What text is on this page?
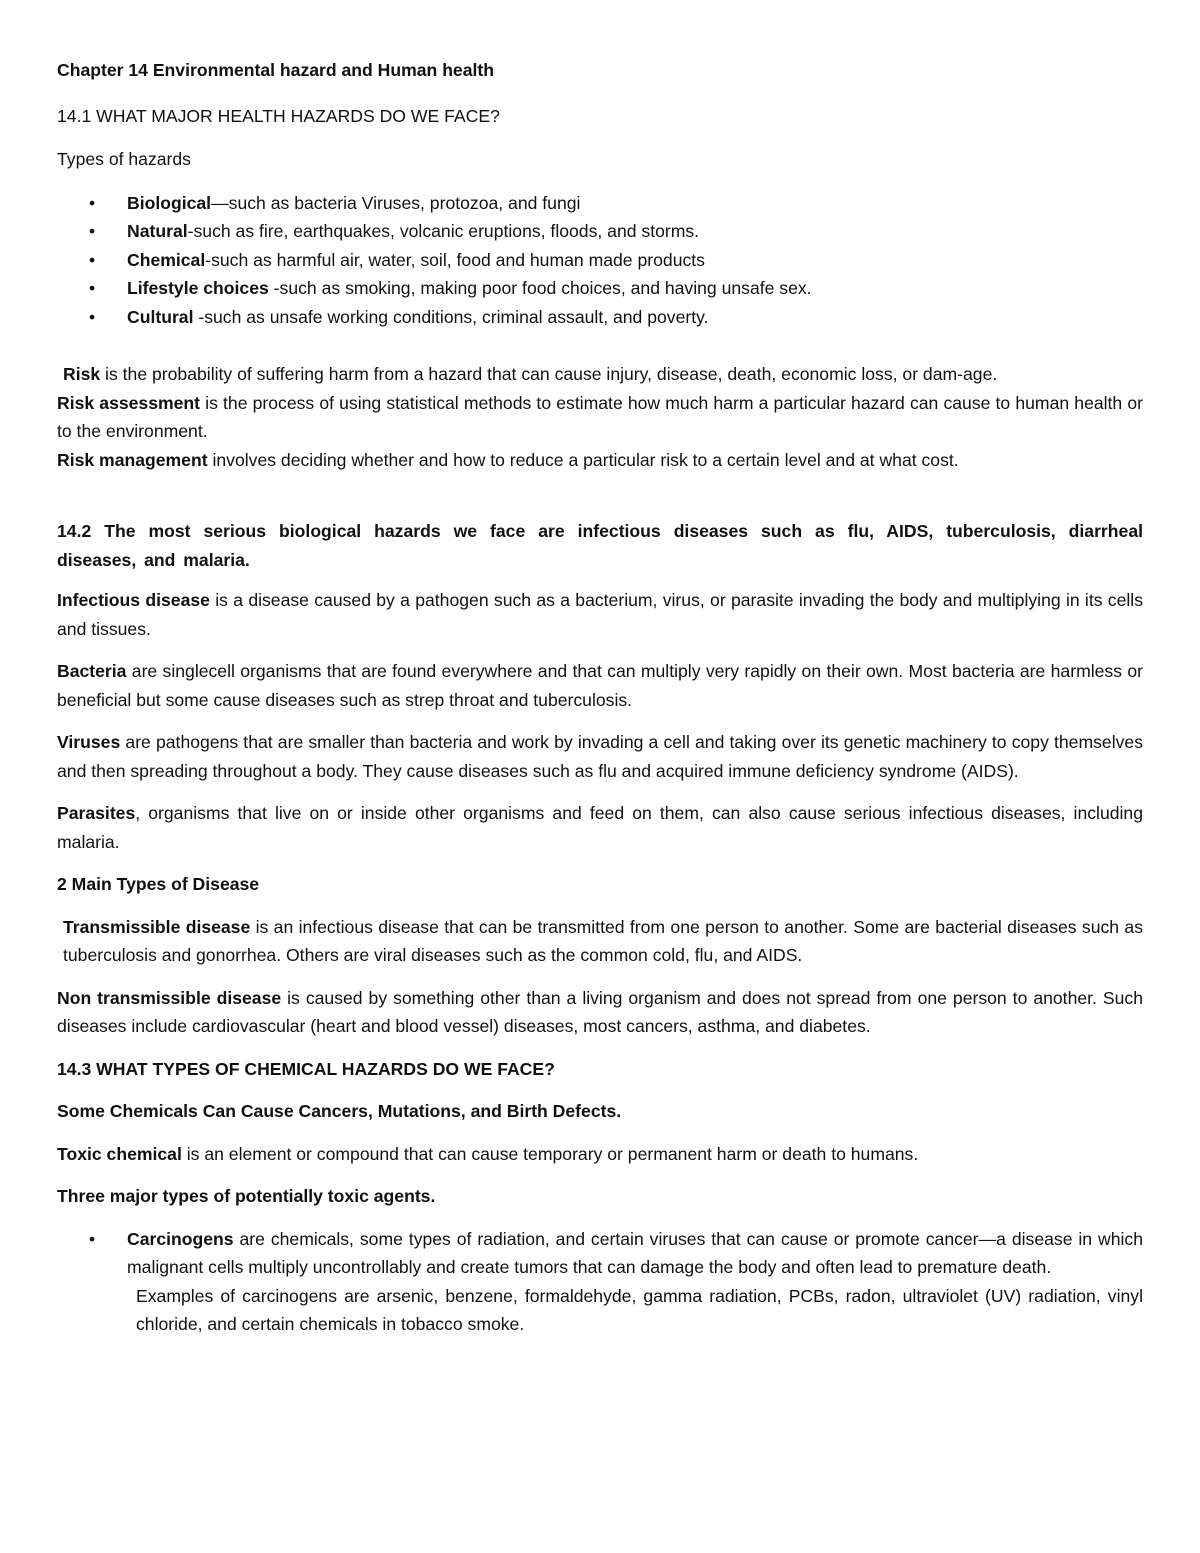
Chapter 14 Environmental hazard and Human health

14.1 WHAT MAJOR HEALTH HAZARDS DO WE FACE?

Types of hazards

• Biological—such as bacteria Viruses, protozoa, and fungi
• Natural-such as fire, earthquakes, volcanic eruptions, floods, and storms.
• Chemical-such as harmful air, water, soil, food and human made products
• Lifestyle choices -such as smoking, making poor food choices, and having unsafe sex.
• Cultural -such as unsafe working conditions, criminal assault, and poverty.

Risk is the probability of suffering harm from a hazard that can cause injury, disease, death, economic loss, or dam-age.

Risk assessment is the process of using statistical methods to estimate how much harm a particular hazard can cause to human health or to the environment.

Risk management involves deciding whether and how to reduce a particular risk to a certain level and at what cost.

14.2 The most serious biological hazards we face are infectious diseases such as flu, AIDS, tuberculosis, diarrheal diseases, and malaria.

Infectious disease is a disease caused by a pathogen such as a bacterium, virus, or parasite invading the body and multiplying in its cells and tissues.

Bacteria are singlecell organisms that are found everywhere and that can multiply very rapidly on their own. Most bacteria are harmless or beneficial but some cause diseases such as strep throat and tuberculosis.

Viruses are pathogens that are smaller than bacteria and work by invading a cell and taking over its genetic machinery to copy themselves and then spreading throughout a body. They cause diseases such as flu and acquired immune deficiency syndrome (AIDS).

Parasites, organisms that live on or inside other organisms and feed on them, can also cause serious infectious diseases, including malaria.

2 Main Types of Disease

Transmissible disease is an infectious disease that can be transmitted from one person to another. Some are bacterial diseases such as tuberculosis and gonorrhea. Others are viral diseases such as the common cold, flu, and AIDS.

Non transmissible disease is caused by something other than a living organism and does not spread from one person to another. Such diseases include cardiovascular (heart and blood vessel) diseases, most cancers, asthma, and diabetes.

14.3 WHAT TYPES OF CHEMICAL HAZARDS DO WE FACE?

Some Chemicals Can Cause Cancers, Mutations, and Birth Defects.

Toxic chemical is an element or compound that can cause temporary or permanent harm or death to humans.

Three major types of potentially toxic agents.

• Carcinogens are chemicals, some types of radiation, and certain viruses that can cause or promote cancer—a disease in which malignant cells multiply uncontrollably and create tumors that can damage the body and often lead to premature death.
Examples of carcinogens are arsenic, benzene, formaldehyde, gamma radiation, PCBs, radon, ultraviolet (UV) radiation, vinyl chloride, and certain chemicals in tobacco smoke.
